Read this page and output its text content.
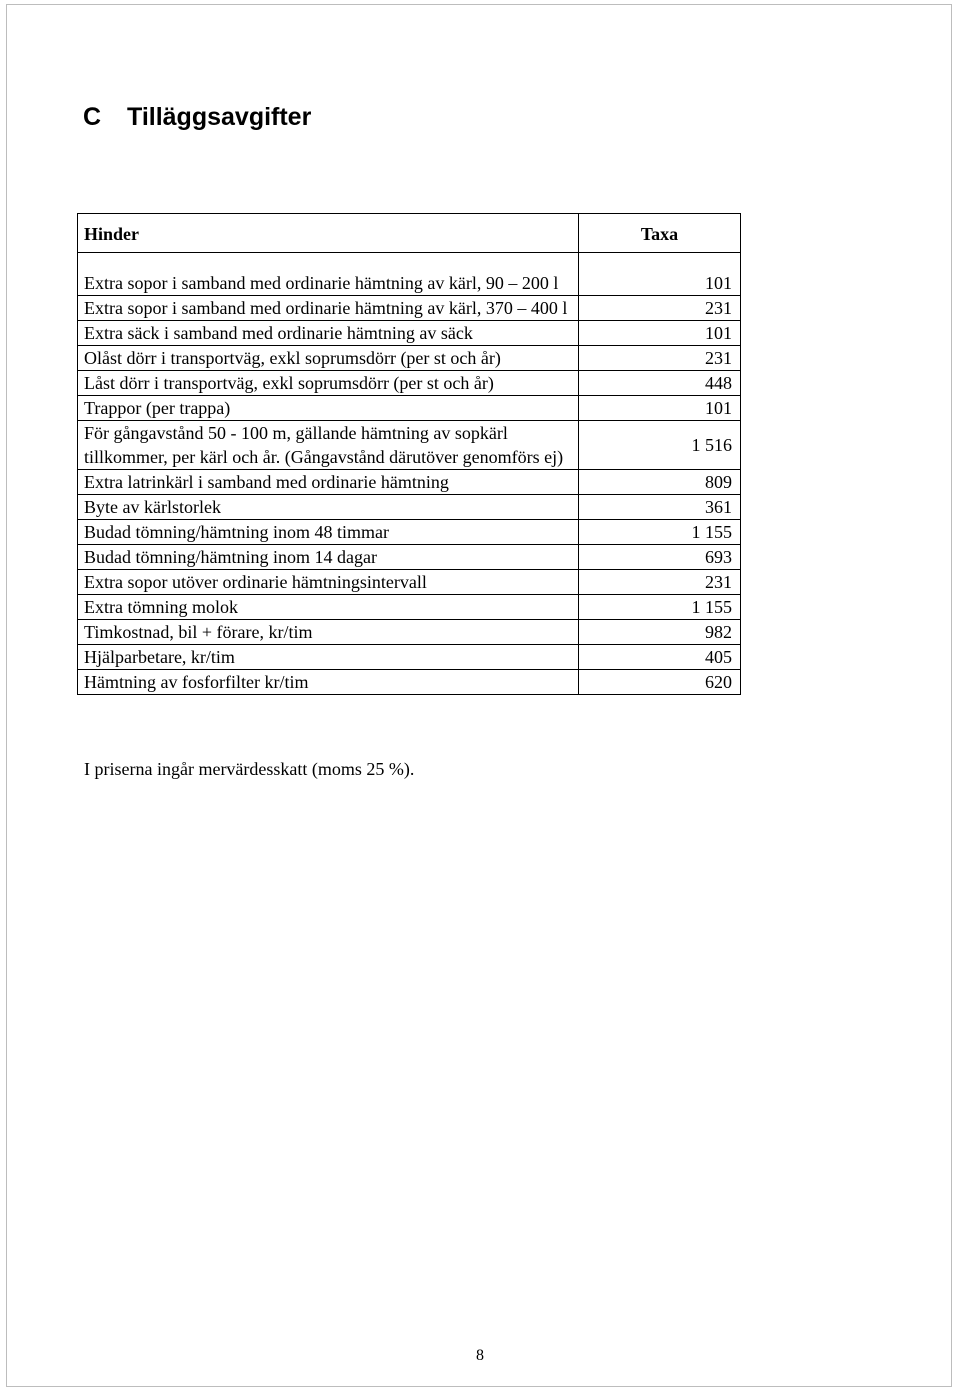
C Tilläggsavgifter
Hinder	Taxa

Extra sopor i samband med ordinarie hämtning av kärl, 90 – 200 l	101
Extra sopor i samband med ordinarie hämtning av kärl, 370 – 400 l	231
Extra säck i samband med ordinarie hämtning av säck	101
Olåst dörr i transportväg, exkl soprumsdörr (per st och år)	231
Låst dörr i transportväg, exkl soprumsdörr (per st och år)	448
Trappor (per trappa)	101
För gångavstånd 50 - 100 m, gällande hämtning av sopkärl tillkommer, per kärl och år. (Gångavstånd därutöver genomförs ej)	1 516
Extra latrinkärl i samband med ordinarie hämtning	809
Byte av kärlstorlek	361
Budad tömning/hämtning inom 48 timmar	1 155
Budad tömning/hämtning inom 14 dagar	693
Extra sopor utöver ordinarie hämtningsintervall	231
Extra tömning molok	1 155
Timkostnad, bil + förare, kr/tim	982
Hjälparbetare, kr/tim	405
Hämtning av fosforfilter kr/tim	620
I priserna ingår mervärdesskatt (moms 25 %).
8
